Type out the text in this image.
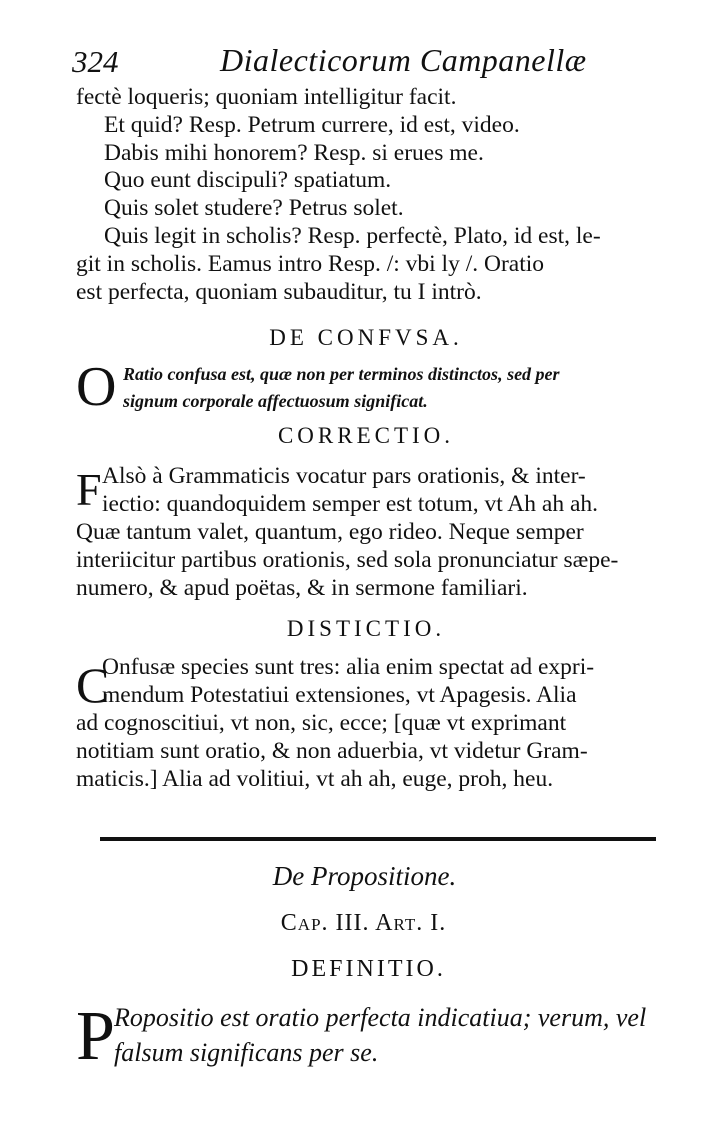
324	Dialecticorum Campanellæ
fectè loqueris; quoniam intelligitur facit.
Et quid? Resp. Petrum currere, id est, video.
Dabis mihi honorem? Resp. si erues me.
Quo eunt discipuli? spatiatum.
Quis solet studere? Petrus solet.
Quis legit in scholis? Resp. perfectè, Plato, id est, le-
git in scholis. Eamus intro Resp. /: vbi ly /. Oratio
est perfecta, quoniam subauditur, tu I intrò.
DE CONFVSA.
O Ratio confusa est, quæ non per terminos distinctos, sed per
signum corporale affectuosum significat.
CORRECTIO.
F Alsò à Grammaticis vocatur pars orationis, & inter-
iectio: quandoquidem semper est totum, vt Ah ah ah.
Quæ tantum valet, quantum, ego rideo. Neque semper
interiicitur partibus orationis, sed sola pronunciatur sæpe-
numero, & apud poëtas, & in sermone familiari.
DISTICTIO.
C
Onfusæ species sunt tres: alia enim spectat ad expri-
mendum Potestatiui extensiones, vt Apagesis. Alia
ad cognoscitiui, vt non, sic, ecce; [quæ vt exprimant
notitiam sunt oratio, & non aduerbia, vt videtur Gram-
maticis.] Alia ad volitiui, vt ah ah, euge, proh, heu.
De Propositione.
Cap. III. Art. I.
DEFINITIO.
P Ropositio est oratio perfecta indicatiua; verum, vel
falsum significans per se.
